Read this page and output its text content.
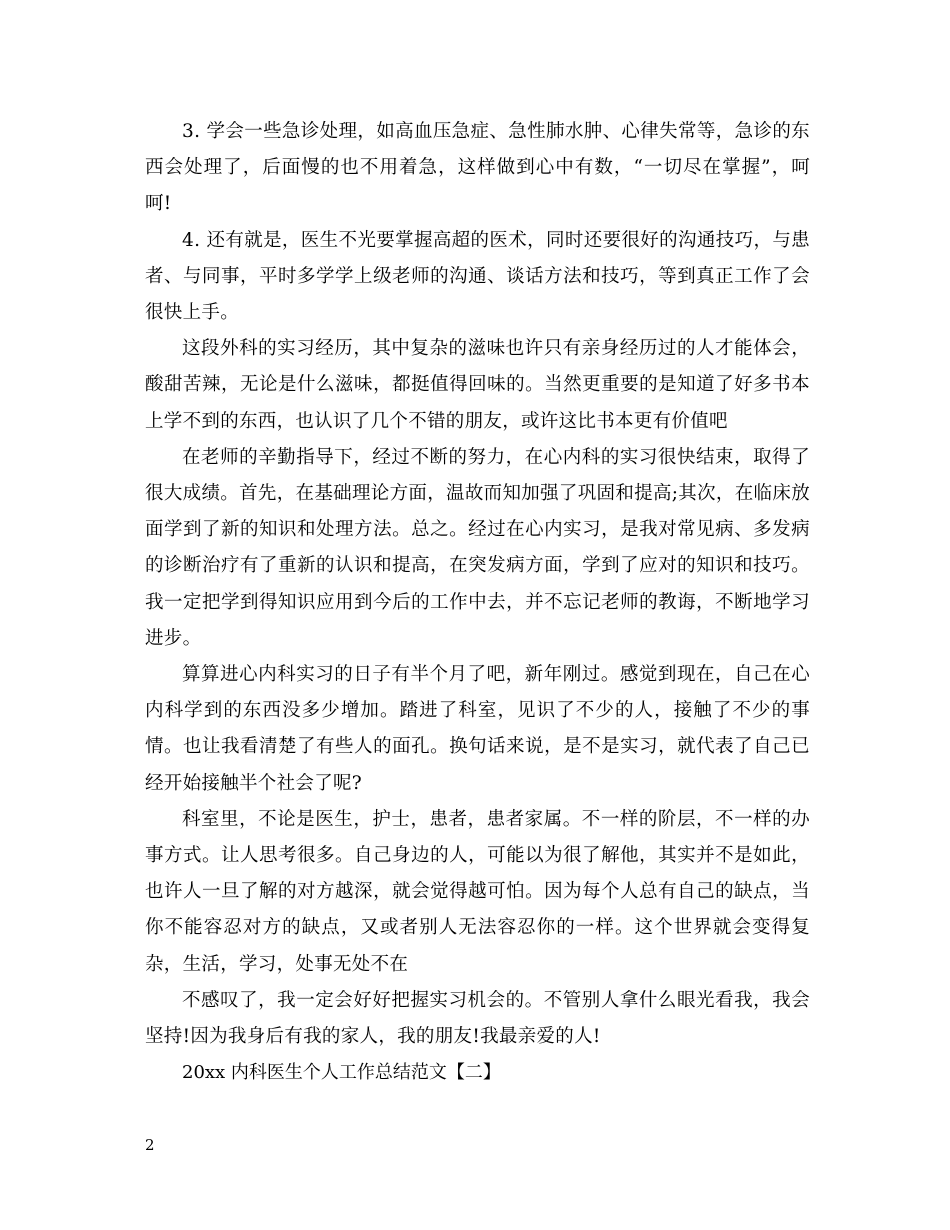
3. 学会一些急诊处理，如高血压急症、急性肺水肿、心律失常等，急诊的东西会处理了，后面慢的也不用着急，这样做到心中有数，“一切尽在掌握”，呵呵!

4. 还有就是，医生不光要掌握高超的医术，同时还要很好的沟通技巧，与患者、与同事，平时多学学上级老师的沟通、谈话方法和技巧，等到真正工作了会很快上手。

这段外科的实习经历，其中复杂的滋味也许只有亲身经历过的人才能体会，酸甜苦辣，无论是什么滋味，都挺值得回味的。当然更重要的是知道了好多书本上学不到的东西，也认识了几个不错的朋友，或许这比书本更有价值吧

在老师的辛勤指导下，经过不断的努力，在心内科的实习很快结束，取得了很大成绩。首先，在基础理论方面，温故而知加强了巩固和提高;其次，在临床放面学到了新的知识和处理方法。总之。经过在心内实习，是我对常见病、多发病的诊断治疗有了重新的认识和提高，在突发病方面，学到了应对的知识和技巧。我一定把学到得知识应用到今后的工作中去，并不忘记老师的教诲，不断地学习进步。

算算进心内科实习的日子有半个月了吧，新年刚过。感觉到现在，自己在心内科学到的东西没多少增加。踏进了科室，见识了不少的人，接触了不少的事情。也让我看清楚了有些人的面孔。换句话来说，是不是实习，就代表了自己已经开始接触半个社会了呢?

科室里，不论是医生，护士，患者，患者家属。不一样的阶层，不一样的办事方式。让人思考很多。自己身边的人，可能以为很了解他，其实并不是如此，也许人一旦了解的对方越深，就会觉得越可怕。因为每个人总有自己的缺点，当你不能容忍对方的缺点，又或者别人无法容忍你的一样。这个世界就会变得复杂，生活，学习，处事无处不在

不感叹了，我一定会好好把握实习机会的。不管别人拿什么眼光看我，我会坚持!因为我身后有我的家人，我的朋友!我最亲爱的人!

20xx 内科医生个人工作总结范文【二】

2
